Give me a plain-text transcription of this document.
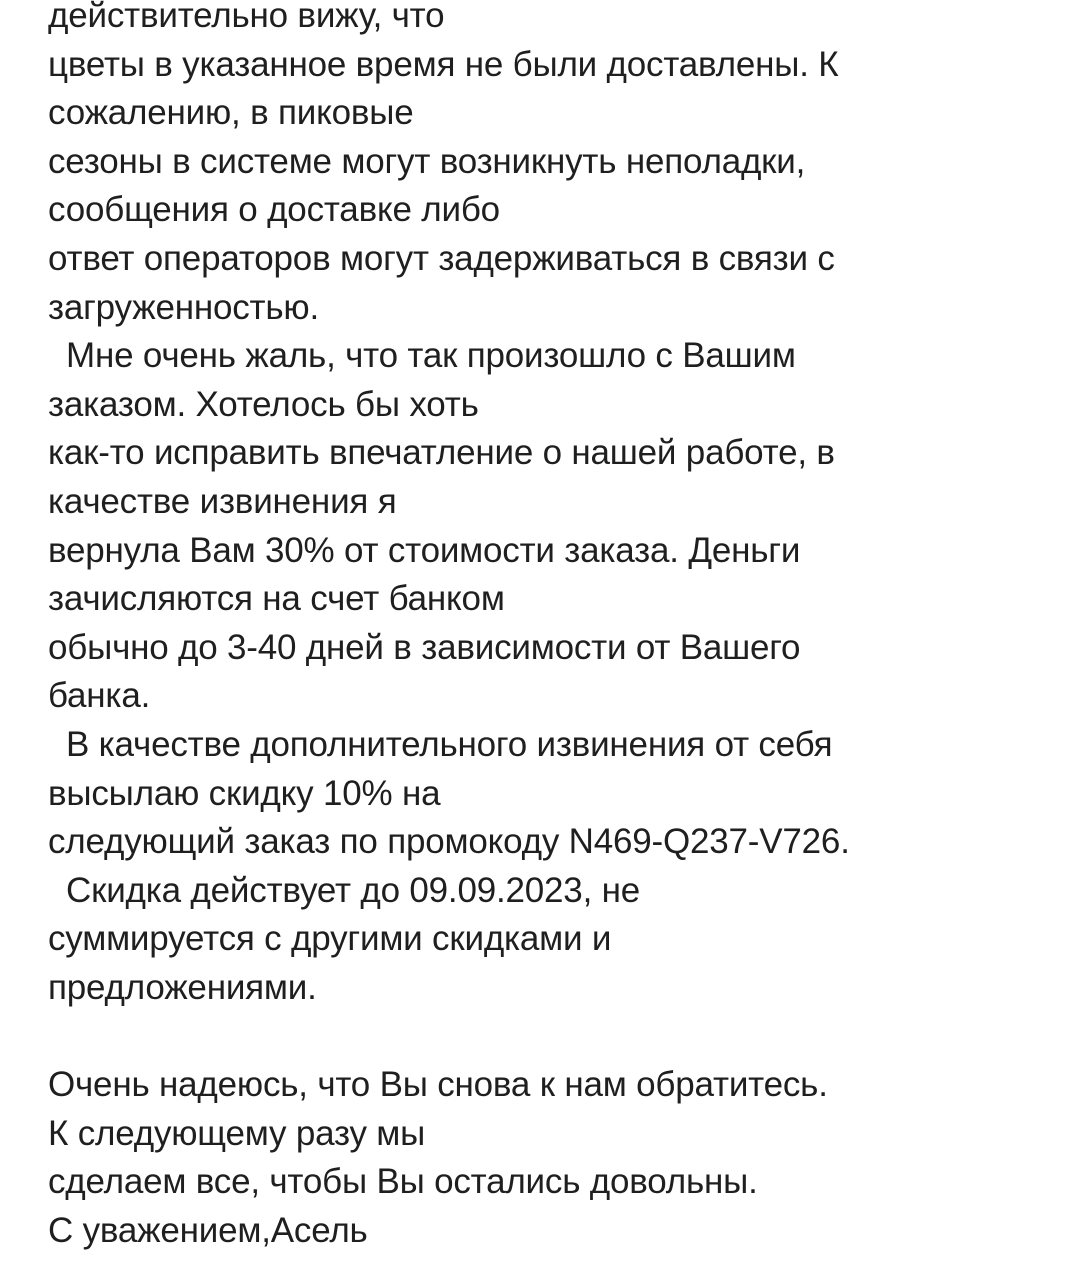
действительно вижу, что
цветы в указанное время не были доставлены. К
сожалению, в пиковые
сезоны в системе могут возникнуть неполадки,
сообщения о доставке либо
ответ операторов могут задерживаться в связи с
загруженностью.
Мне очень жаль, что так произошло с Вашим
заказом. Хотелось бы хоть
как-то исправить впечатление о нашей работе, в
качестве извинения я
вернула Вам 30% от стоимости заказа. Деньги
зачисляются на счет банком
обычно до 3-40 дней в зависимости от Вашего
банка.
В качестве дополнительного извинения от себя
высылаю скидку 10% на
следующий заказ по промокоду N469-Q237-V726.
Скидка действует до 09.09.2023, не
суммируется с другими скидками и
предложениями.
Очень надеюсь, что Вы снова к нам обратитесь.
К следующему разу мы
сделаем все, чтобы Вы остались довольны.
С уважением,Асель
